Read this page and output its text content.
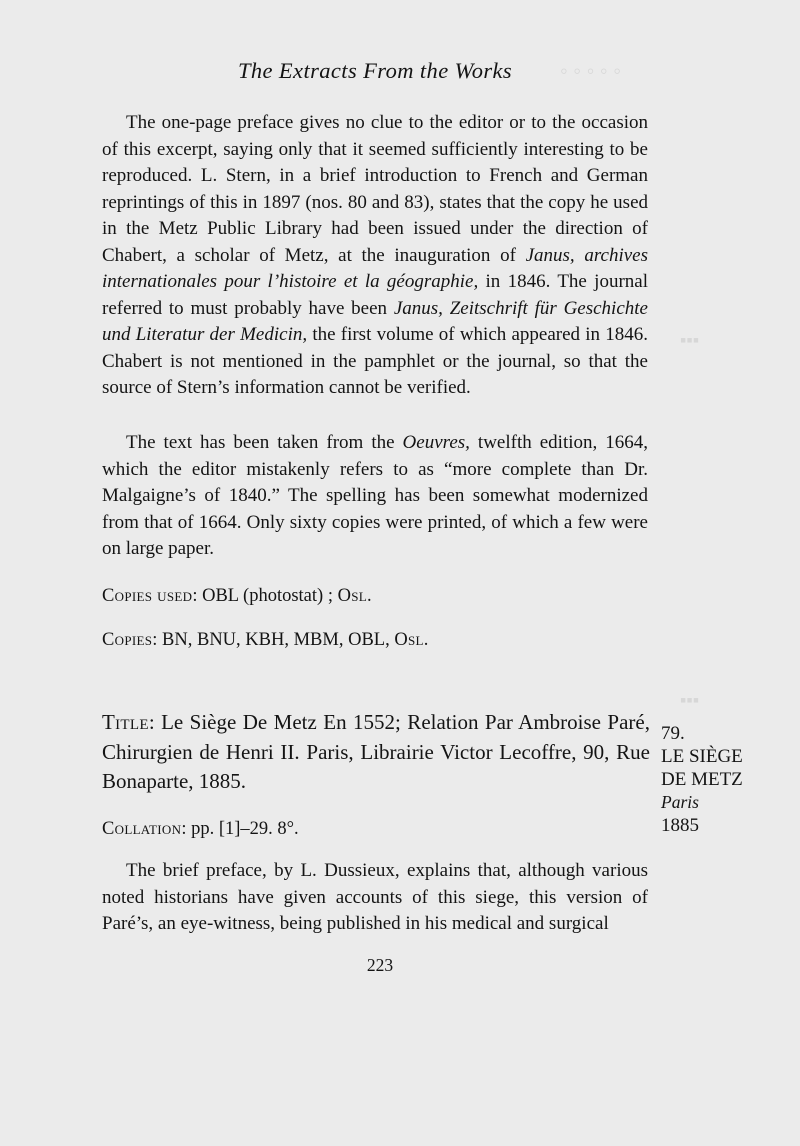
◦ ◦ ◦ ◦ ◦
▪▪▪
▪▪▪
The Extracts From the Works

The one-page preface gives no clue to the editor or to the occasion of this excerpt, saying only that it seemed sufficiently interesting to be reproduced. L. Stern, in a brief introduction to French and German reprintings of this in 1897 (nos. 80 and 83), states that the copy he used in the Metz Public Library had been issued under the direction of Chabert, a scholar of Metz, at the inauguration of Janus, archives internationales pour l’histoire et la géographie, in 1846. The journal referred to must probably have been Janus, Zeitschrift für Geschichte und Literatur der Medicin, the first volume of which appeared in 1846. Chabert is not mentioned in the pamphlet or the journal, so that the source of Stern’s information cannot be verified.

The text has been taken from the Oeuvres, twelfth edition, 1664, which the editor mistakenly refers to as “more complete than Dr. Malgaigne’s of 1840.” The spelling has been somewhat modernized from that of 1664. Only sixty copies were printed, of which a few were on large paper.

Copies used: OBL (photostat) ; Osl.
Copies: BN, BNU, KBH, MBM, OBL, Osl.
Title: Le Siège De Metz En 1552; Relation Par Ambroise Paré, Chirurgien de Henri II. Paris, Librairie Victor Lecoffre, 90, Rue Bonaparte, 1885.
79.
LE SIÈGE
DE METZ
Paris
1885
Collation: pp. [1]–29. 8°.

The brief preface, by L. Dussieux, explains that, although various noted historians have given accounts of this siege, this version of Paré’s, an eye-witness, being published in his medical and surgical

223
